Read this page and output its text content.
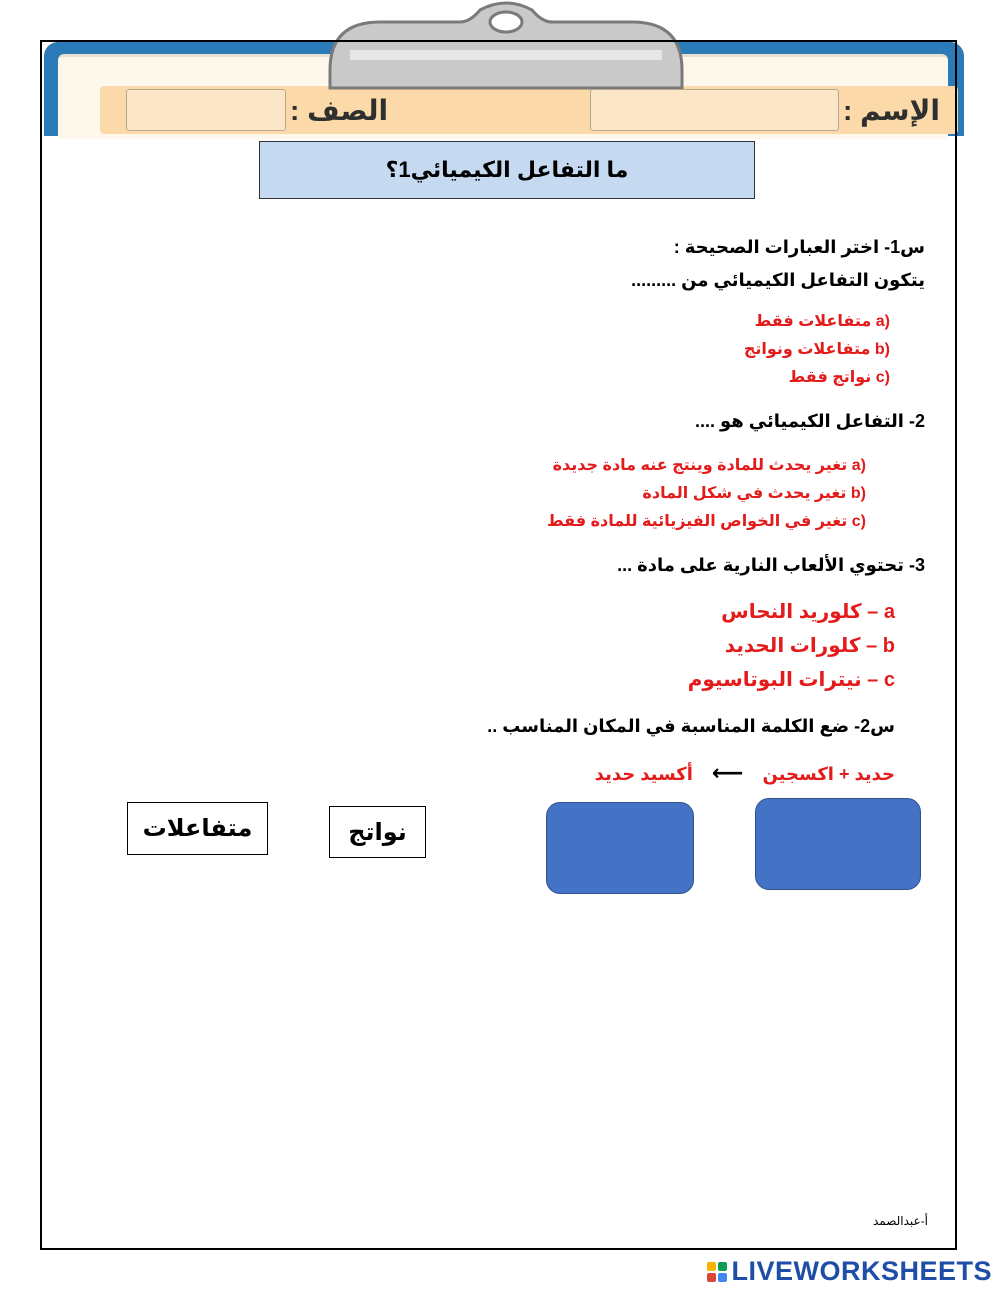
الإسم :
الصف :
ما التفاعل الكيميائي1؟
س1- اختر العبارات الصحيحة :
يتكون التفاعل الكيميائي من .........
a) متفاعلات فقط
b) متفاعلات ونواتج
c) نواتج فقط
2- التفاعل الكيميائي هو ....
a) تغير يحدث للمادة وينتج عنه مادة جديدة
b) تغير يحدث في شكل المادة
c) تغير في الخواص الفيزيائية للمادة فقط
3- تحتوي الألعاب النارية على مادة ...
a – كلوريد النحاس
b – كلورات الحديد
c – نيترات البوتاسيوم
س2- ضع الكلمة المناسبة في المكان المناسب ..
حديد + اكسجين ⟵ أكسيد حديد
متفاعلات	نواتج
أ-عبدالصمد
LIVEWORKSHEETS
